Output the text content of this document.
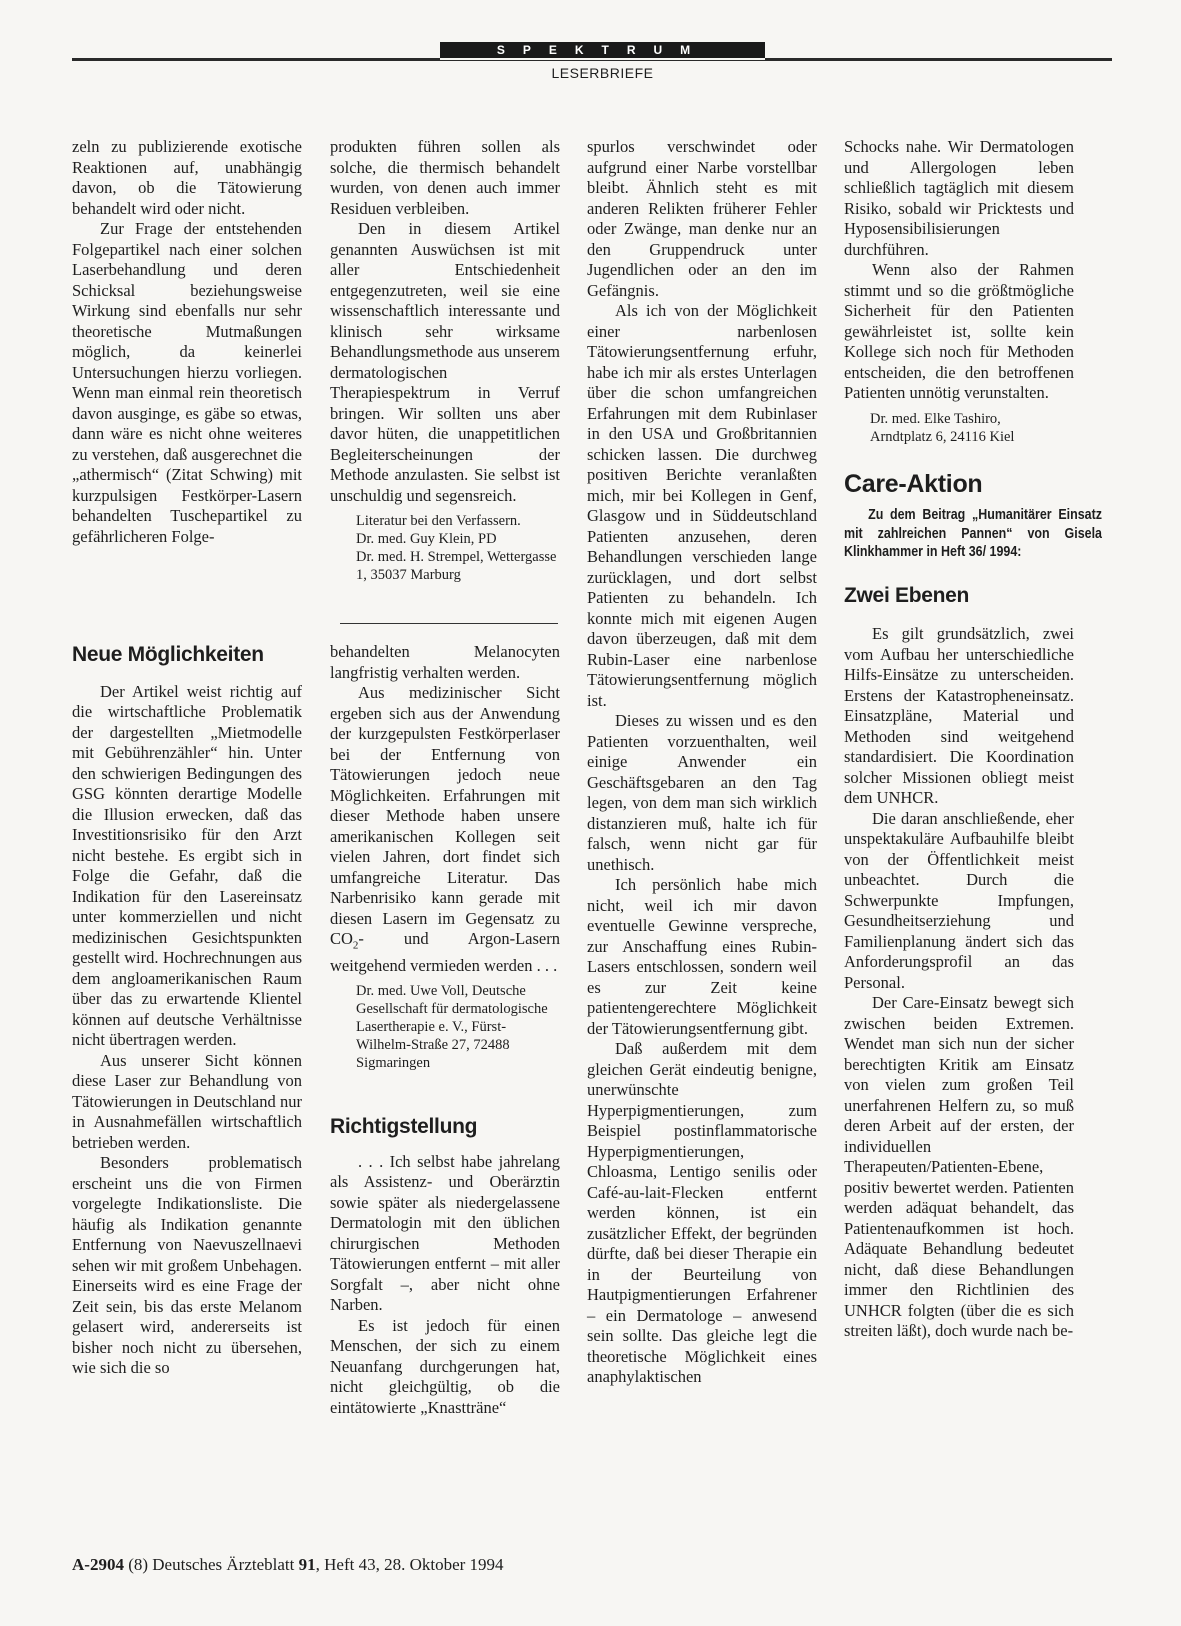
SPEKTRUM
LESERBRIEFE

zeln zu publizierende exotische Reaktionen auf, unabhängig davon, ob die Tätowierung behandelt wird oder nicht.

Zur Frage der entstehenden Folgepartikel nach einer solchen Laserbehandlung und deren Schicksal beziehungsweise Wirkung sind ebenfalls nur sehr theoretische Mutmaßungen möglich, da keinerlei Untersuchungen hierzu vorliegen. Wenn man einmal rein theoretisch davon ausginge, es gäbe so etwas, dann wäre es nicht ohne weiteres zu verstehen, daß ausgerechnet die „athermisch“ (Zitat Schwing) mit kurzpulsigen Festkörper-Lasern behandelten Tuschepartikel zu gefährlicheren Folge-

produkten führen sollen als solche, die thermisch behandelt wurden, von denen auch immer Residuen verbleiben.

Den in diesem Artikel genannten Auswüchsen ist mit aller Entschiedenheit entgegenzutreten, weil sie eine wissenschaftlich interessante und klinisch sehr wirksame Behandlungsmethode aus unserem dermatologischen Therapiespektrum in Verruf bringen. Wir sollten uns aber davor hüten, die unappetitlichen Begleiterscheinungen der Methode anzulasten. Sie selbst ist unschuldig und segensreich.

Literatur bei den Verfassern.
Dr. med. Guy Klein, PD
Dr. med. H. Strempel, Wettergasse 1, 35037 Marburg
Neue Möglichkeiten

Der Artikel weist richtig auf die wirtschaftliche Problematik der dargestellten „Mietmodelle mit Gebührenzähler“ hin. Unter den schwierigen Bedingungen des GSG könnten derartige Modelle die Illusion erwecken, daß das Investitionsrisiko für den Arzt nicht bestehe. Es ergibt sich in Folge die Gefahr, daß die Indikation für den Lasereinsatz unter kommerziellen und nicht medizinischen Gesichtspunkten gestellt wird. Hochrechnungen aus dem angloamerikanischen Raum über das zu erwartende Klientel können auf deutsche Verhältnisse nicht übertragen werden.

Aus unserer Sicht können diese Laser zur Behandlung von Tätowierungen in Deutschland nur in Ausnahmefällen wirtschaftlich betrieben werden.

Besonders problematisch erscheint uns die von Firmen vorgelegte Indikationsliste. Die häufig als Indikation genannte Entfernung von Naevuszellnaevi sehen wir mit großem Unbehagen. Einerseits wird es eine Frage der Zeit sein, bis das erste Melanom gelasert wird, andererseits ist bisher noch nicht zu übersehen, wie sich die so

behandelten Melanocyten langfristig verhalten werden.

Aus medizinischer Sicht ergeben sich aus der Anwendung der kurzgepulsten Festkörperlaser bei der Entfernung von Tätowierungen jedoch neue Möglichkeiten. Erfahrungen mit dieser Methode haben unsere amerikanischen Kollegen seit vielen Jahren, dort findet sich umfangreiche Literatur. Das Narbenrisiko kann gerade mit diesen Lasern im Gegensatz zu $CO_2-$ und Argon-Lasern weitgehend vermieden werden . . .

Dr. med. Uwe Voll, Deutsche Gesellschaft für dermatologische Lasertherapie e. V., Fürst-Wilhelm-Straße 27, 72488 Sigmaringen
Richtigstellung

. . . Ich selbst habe jahrelang als Assistenz- und Oberärztin sowie später als niedergelassene Dermatologin mit den üblichen chirurgischen Methoden Tätowierungen entfernt – mit aller Sorgfalt –, aber nicht ohne Narben.

Es ist jedoch für einen Menschen, der sich zu einem Neuanfang durchgerungen hat, nicht gleichgültig, ob die eintätowierte „Knastträne“

spurlos verschwindet oder aufgrund einer Narbe vorstellbar bleibt. Ähnlich steht es mit anderen Relikten früherer Fehler oder Zwänge, man denke nur an den Gruppendruck unter Jugendlichen oder an den im Gefängnis.

Als ich von der Möglichkeit einer narbenlosen Tätowierungsentfernung erfuhr, habe ich mir als erstes Unterlagen über die schon umfangreichen Erfahrungen mit dem Rubinlaser in den USA und Großbritannien schicken lassen. Die durchweg positiven Berichte veranlaßten mich, mir bei Kollegen in Genf, Glasgow und in Süddeutschland Patienten anzusehen, deren Behandlungen verschieden lange zurücklagen, und dort selbst Patienten zu behandeln. Ich konnte mich mit eigenen Augen davon überzeugen, daß mit dem Rubin-Laser eine narbenlose Tätowierungsentfernung möglich ist.

Dieses zu wissen und es den Patienten vorzuenthalten, weil einige Anwender ein Geschäftsgebaren an den Tag legen, von dem man sich wirklich distanzieren muß, halte ich für falsch, wenn nicht gar für unethisch.

Ich persönlich habe mich nicht, weil ich mir davon eventuelle Gewinne verspreche, zur Anschaffung eines Rubin-Lasers entschlossen, sondern weil es zur Zeit keine patientengerechtere Möglichkeit der Tätowierungsentfernung gibt.

Daß außerdem mit dem gleichen Gerät eindeutig benigne, unerwünschte Hyperpigmentierungen, zum Beispiel postinflammatorische Hyperpigmentierungen, Chloasma, Lentigo senilis oder Café-au-lait-Flecken entfernt werden können, ist ein zusätzlicher Effekt, der begründen dürfte, daß bei dieser Therapie ein in der Beurteilung von Hautpigmentierungen Erfahrener – ein Dermatologe – anwesend sein sollte. Das gleiche legt die theoretische Möglichkeit eines anaphylaktischen

Schocks nahe. Wir Dermatologen und Allergologen leben schließlich tagtäglich mit diesem Risiko, sobald wir Pricktests und Hyposensibilisierungen durchführen.

Wenn also der Rahmen stimmt und so die größtmögliche Sicherheit für den Patienten gewährleistet ist, sollte kein Kollege sich noch für Methoden entscheiden, die den betroffenen Patienten unnötig verunstalten.

Dr. med. Elke Tashiro,
Arndtplatz 6, 24116 Kiel
Care-Aktion

Zu dem Beitrag „Humanitärer Einsatz mit zahlreichen Pannen“ von Gisela Klinkhammer in Heft 36/ 1994:

Zwei Ebenen

Es gilt grundsätzlich, zwei vom Aufbau her unterschiedliche Hilfs-Einsätze zu unterscheiden. Erstens der Katastropheneinsatz. Einsatzpläne, Material und Methoden sind weitgehend standardisiert. Die Koordination solcher Missionen obliegt meist dem UNHCR.

Die daran anschließende, eher unspektakuläre Aufbauhilfe bleibt von der Öffentlichkeit meist unbeachtet. Durch die Schwerpunkte Impfungen, Gesundheitserziehung und Familienplanung ändert sich das Anforderungsprofil an das Personal.

Der Care-Einsatz bewegt sich zwischen beiden Extremen. Wendet man sich nun der sicher berechtigten Kritik am Einsatz von vielen zum großen Teil unerfahrenen Helfern zu, so muß deren Arbeit auf der ersten, der individuellen Therapeuten/Patienten-Ebene, positiv bewertet werden. Patienten werden adäquat behandelt, das Patientenaufkommen ist hoch. Adäquate Behandlung bedeutet nicht, daß diese Behandlungen immer den Richtlinien des UNHCR folgten (über die es sich streiten läßt), doch wurde nach be-

A-2904 (8) Deutsches Ärzteblatt 91, Heft 43, 28. Oktober 1994
